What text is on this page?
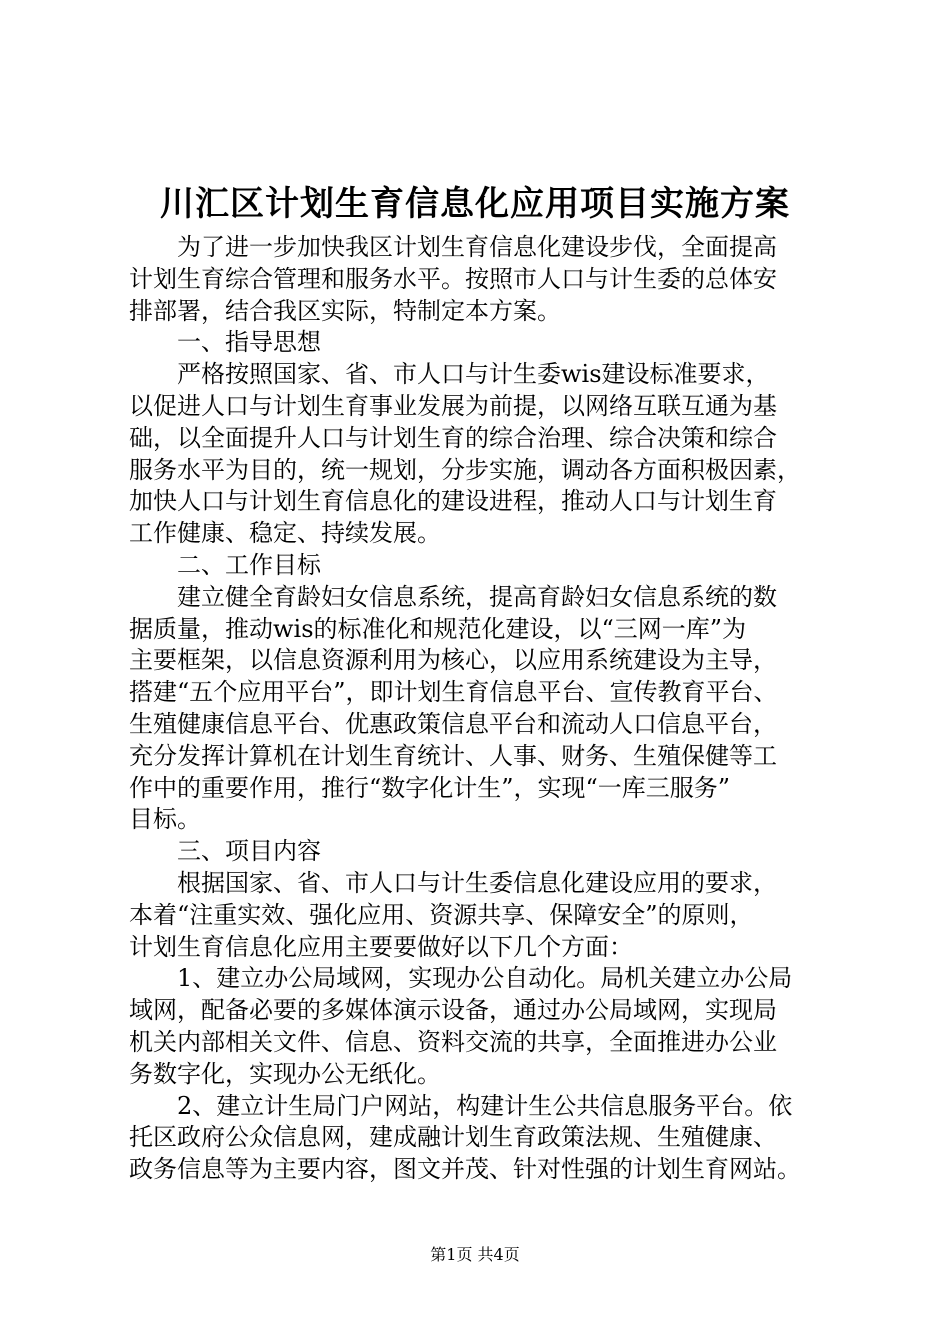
川汇区计划生育信息化应用项目实施方案
为了进一步加快我区计划生育信息化建设步伐，全面提高
计划生育综合管理和服务水平。按照市人口与计生委的总体安
排部署，结合我区实际，特制定本方案。
一、指导思想
严格按照国家、省、市人口与计生委wis建设标准要求，
以促进人口与计划生育事业发展为前提，以网络互联互通为基
础，以全面提升人口与计划生育的综合治理、综合决策和综合
服务水平为目的，统一规划，分步实施，调动各方面积极因素，
加快人口与计划生育信息化的建设进程，推动人口与计划生育
工作健康、稳定、持续发展。
二、工作目标
建立健全育龄妇女信息系统，提高育龄妇女信息系统的数
据质量，推动wis的标准化和规范化建设，以“三网一库”为
主要框架，以信息资源利用为核心，以应用系统建设为主导，
搭建“五个应用平台”，即计划生育信息平台、宣传教育平台、
生殖健康信息平台、优惠政策信息平台和流动人口信息平台，
充分发挥计算机在计划生育统计、人事、财务、生殖保健等工
作中的重要作用，推行“数字化计生”，实现“一库三服务”
目标。
三、项目内容
根据国家、省、市人口与计生委信息化建设应用的要求，
本着“注重实效、强化应用、资源共享、保障安全”的原则，
计划生育信息化应用主要要做好以下几个方面：
1、建立办公局域网，实现办公自动化。局机关建立办公局
域网，配备必要的多媒体演示设备，通过办公局域网，实现局
机关内部相关文件、信息、资料交流的共享，全面推进办公业
务数字化，实现办公无纸化。
2、建立计生局门户网站，构建计生公共信息服务平台。依
托区政府公众信息网，建成融计划生育政策法规、生殖健康、
政务信息等为主要内容，图文并茂、针对性强的计划生育网站。
第1页 共4页
